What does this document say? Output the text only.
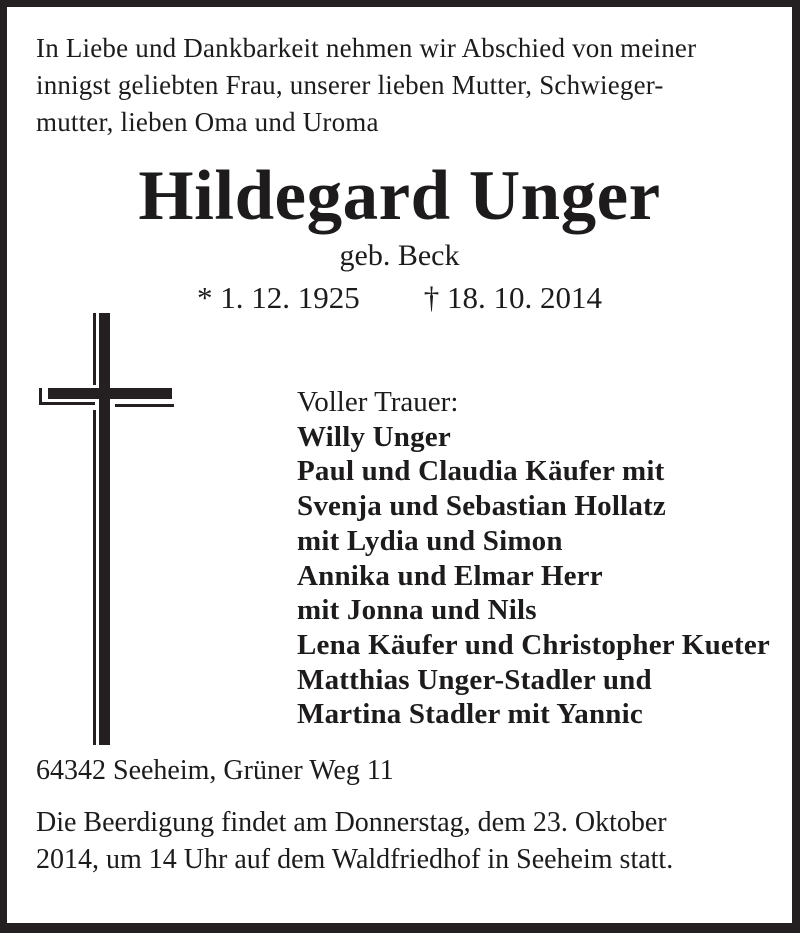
In Liebe und Dankbarkeit nehmen wir Abschied von meiner
innigst geliebten Frau, unserer lieben Mutter, Schwieger-
mutter, lieben Oma und Uroma
Hildegard Unger
geb. Beck
* 1. 12. 1925 † 18. 10. 2014
Voller Trauer:
Willy Unger
Paul und Claudia Käufer mit
Svenja und Sebastian Hollatz
mit Lydia und Simon
Annika und Elmar Herr
mit Jonna und Nils
Lena Käufer und Christopher Kueter
Matthias Unger-Stadler und
Martina Stadler mit Yannic
64342 Seeheim, Grüner Weg 11
Die Beerdigung findet am Donnerstag, dem 23. Oktober
2014, um 14 Uhr auf dem Waldfriedhof in Seeheim statt.
